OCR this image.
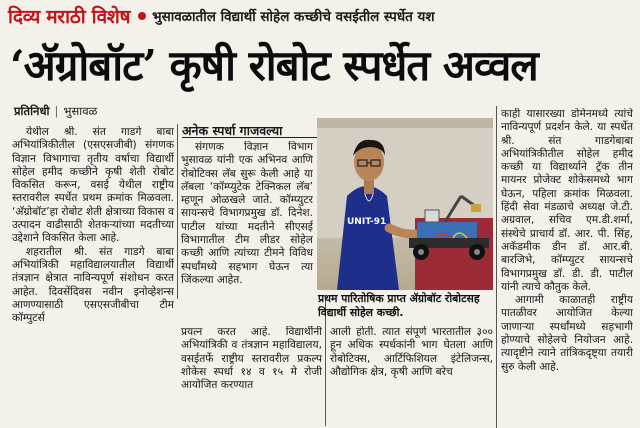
दिव्य मराठी विशेष भुसावळातील विद्यार्थी सोहेल कच्छीचे वसईतील स्पर्धेत यश
‘अ‍ॅग्रोबॉट’ कृषी रोबोट स्पर्धेत अव्वल
प्रतिनिधी | भुसावळ

येथील श्री. संत गाडगे बाबा अभियांत्रिकीतील (एसएसजीबी) संगणक विज्ञान विभागाचा तृतीय वर्षाचा विद्यार्थी सोहेल हमीद कच्छीने कृषी शेती रोबोट विकसित करून, वसई येथील राष्ट्रीय स्तरावरील स्पर्धेत प्रथम क्रमांक मिळवला. ‘अ‍ॅग्रोबॉट’हा रोबोट शेती क्षेत्राच्या विकास व उत्पादन वाढीसाठी शेतकऱ्यांच्या मदतीच्या उद्देशाने विकसित केला आहे.

शहरातील श्री. संत गाडगे बाबा अभियांत्रिकी महाविद्यालयातील विद्यार्थी तंत्रज्ञान क्षेत्रात नाविन्यपूर्ण संशोधन करत आहेत. दिवसेंदिवस नवीन इनोव्हेशन्स आणण्यासाठी एसएसजीबीचा टीम कॉम्पुटर्स

अनेक स्पर्धा गाजवल्या

संगणक विज्ञान विभाग भुसावळ यांनी एक अभिनव आणि रोबोटिक्स लॅब सुरू केली आहे या लॅबला ‘कॉम्प्युटेक टेक्निकल लॅब’ म्हणून ओळखले जाते. कॉम्प्युटर सायन्सचे विभागप्रमुख डॉ. दिनेश. पाटील यांच्या मदतीने सीएसई विभागातील टीम लीडर सोहेल कच्छी आणि त्यांच्या टीमने विविध स्पर्धांमध्ये सहभाग घेऊन त्या जिंकल्या आहेत.

UNIT-91
प्रथम पारितोषिक प्राप्त ॲग्रोबॉट रोबोटसह विद्यार्थी सोहेल कच्छी.

प्रयत्न करत आहे. विद्यार्थीनी अभियांत्रिकी व तंत्रज्ञान महाविद्यालय, वसईतर्फे राष्ट्रीय स्तरावरील प्रकल्प शोकेस स्पर्धा १४ व १५ मे रोजी आयोजित करण्यात

आली होती. त्यात संपूर्ण भारतातील ३०० हून अधिक स्पर्धकांनी भाग घेतला आणि रोबोटिक्स, आर्टिफिशियल इंटेलिजन्स, औद्योगिक क्षेत्र, कृषी आणि बरेच

काही यासारख्या डोमेनमध्ये त्यांचे नाविन्यपूर्ण प्रदर्शन केले. या स्पर्धेत श्री. संत गाडगेबाबा अभियांत्रिकीतील सोहेल हमीद कच्छी या विद्यार्थ्याने ट्रॅक तीन मायनर प्रोजेक्ट शोकेसमध्ये भाग घेऊन, पहिला क्रमांक मिळवला. हिंदी सेवा मंडळाचे अध्यक्ष जे.टी. अग्रवाल, सचिव एम.डी.शर्मा, संस्थेचे प्राचार्य डॉ. आर. पी. सिंह, अकॅडमीक डीन डॉ. आर.बी. बारजिभे, कॉम्प्युटर सायन्सचे विभागप्रमुख डॉ. डी. डी. पाटील यांनी त्याचे कौतुक केले.

आगामी काळातही राष्ट्रीय पातळीवर आयोजित केल्या जाणाऱ्या स्पर्धांमध्ये सहभागी होण्याचे सोहेलचे नियोजन आहे. त्यादृष्टीने त्याने तांत्रिकदृष्ट्या तयारी सुरु केली आहे.
